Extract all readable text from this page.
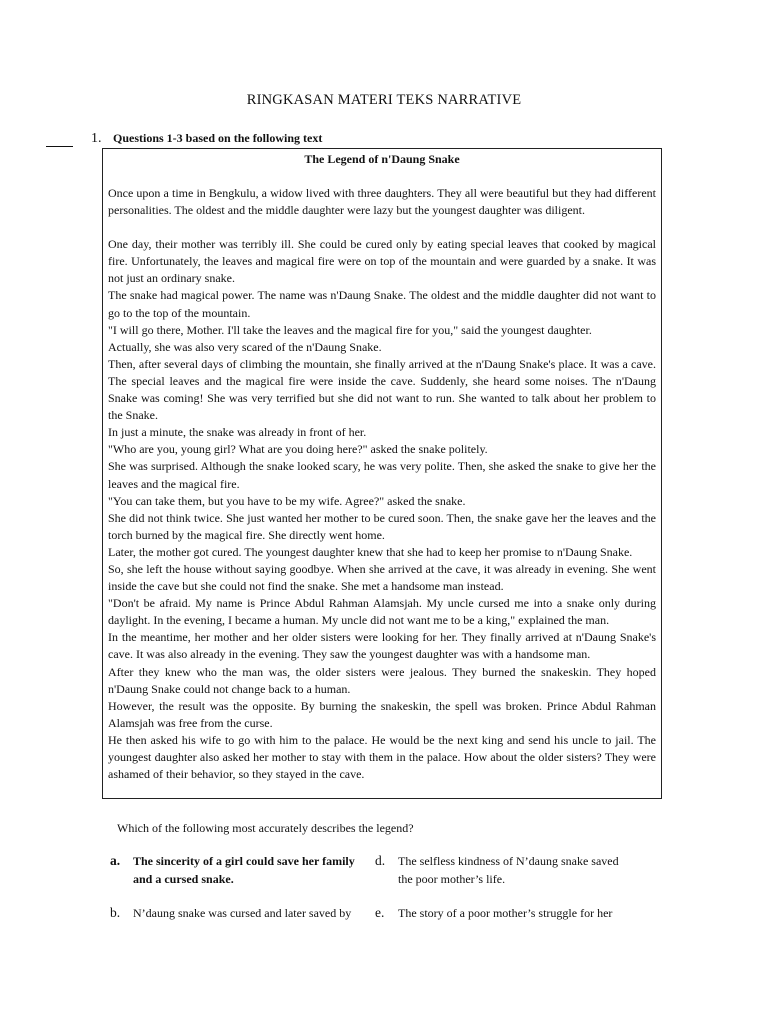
RINGKASAN MATERI TEKS NARRATIVE
1. Questions 1-3 based on the following text
The Legend of n'Daung Snake

Once upon a time in Bengkulu, a widow lived with three daughters. They all were beautiful but they had different personalities. The oldest and the middle daughter were lazy but the youngest daughter was diligent.

One day, their mother was terribly ill. She could be cured only by eating special leaves that cooked by magical fire. Unfortunately, the leaves and magical fire were on top of the mountain and were guarded by a snake. It was not just an ordinary snake.

The snake had magical power. The name was n'Daung Snake. The oldest and the middle daughter did not want to go to the top of the mountain.

"I will go there, Mother. I'll take the leaves and the magical fire for you," said the youngest daughter.

Actually, she was also very scared of the n'Daung Snake.

Then, after several days of climbing the mountain, she finally arrived at the n'Daung Snake's place. It was a cave. The special leaves and the magical fire were inside the cave. Suddenly, she heard some noises. The n'Daung Snake was coming! She was very terrified but she did not want to run. She wanted to talk about her problem to the Snake.

In just a minute, the snake was already in front of her.

"Who are you, young girl? What are you doing here?" asked the snake politely.

She was surprised. Although the snake looked scary, he was very polite. Then, she asked the snake to give her the leaves and the magical fire.

"You can take them, but you have to be my wife. Agree?" asked the snake.

She did not think twice. She just wanted her mother to be cured soon. Then, the snake gave her the leaves and the torch burned by the magical fire. She directly went home.

Later, the mother got cured. The youngest daughter knew that she had to keep her promise to n'Daung Snake.

So, she left the house without saying goodbye. When she arrived at the cave, it was already in evening. She went inside the cave but she could not find the snake. She met a handsome man instead.

"Don't be afraid. My name is Prince Abdul Rahman Alamsjah. My uncle cursed me into a snake only during daylight. In the evening, I became a human. My uncle did not want me to be a king," explained the man.

In the meantime, her mother and her older sisters were looking for her. They finally arrived at n'Daung Snake's cave. It was also already in the evening. They saw the youngest daughter was with a handsome man.

After they knew who the man was, the older sisters were jealous. They burned the snakeskin. They hoped n'Daung Snake could not change back to a human.

However, the result was the opposite. By burning the snakeskin, the spell was broken. Prince Abdul Rahman Alamsjah was free from the curse.

He then asked his wife to go with him to the palace. He would be the next king and send his uncle to jail. The youngest daughter also asked her mother to stay with them in the palace. How about the older sisters? They were ashamed of their behavior, so they stayed in the cave.

Which of the following most accurately describes the legend?
a. The sincerity of a girl could save her family and a cursed snake.
d. The selfless kindness of N’daung snake saved the poor mother’s life.
b. N’daung snake was cursed and later saved by	e. The story of a poor mother’s struggle for her
